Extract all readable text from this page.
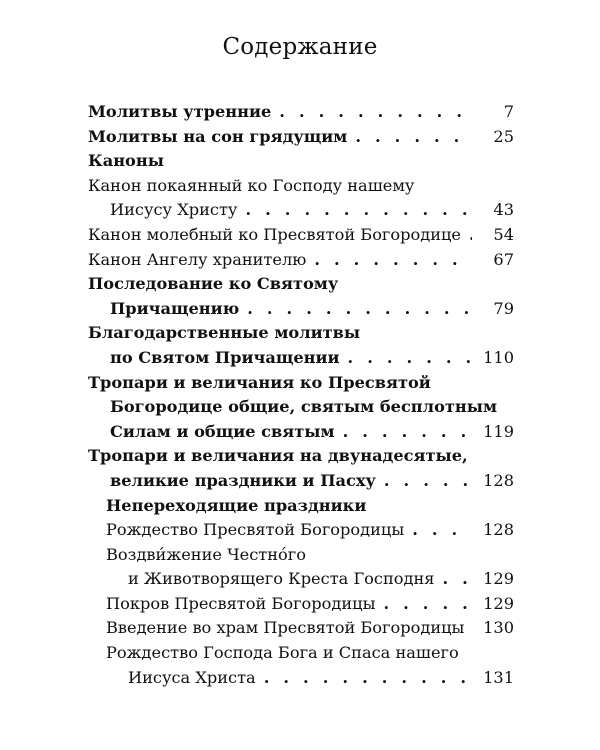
Содержание
Молитвы утренние . . .	7
Молитвы на сон грядущим . . .	25
Каноны
Канон покаянный ко Господу нашему
Иисусу Христу . . .	43
Канон молебный ко Пресвятой Богородице . . .	54
Канон Ангелу хранителю . . .	67
Последование ко Святому
Причащению . . .	79
Благодарственные молитвы
по Святом Причащении . . .	110
Тропари и величания ко Пресвятой
Богородице общие, святым бесплотным
Силам и общие святым . . .	119
Тропари и величания на двунадесятые,
великие праздники и Пасху . . .	128
Непереходящие праздники
Рождество Пресвятой Богородицы . . .	128
Воздви́жение Честно́го
и Животворящего Креста Господня . . .	129
Покров Пресвятой Богородицы . . .	129
Введение во храм Пресвятой Богородицы	130
Рождество Господа Бога и Спаса нашего
Иисуса Христа . . .	131
